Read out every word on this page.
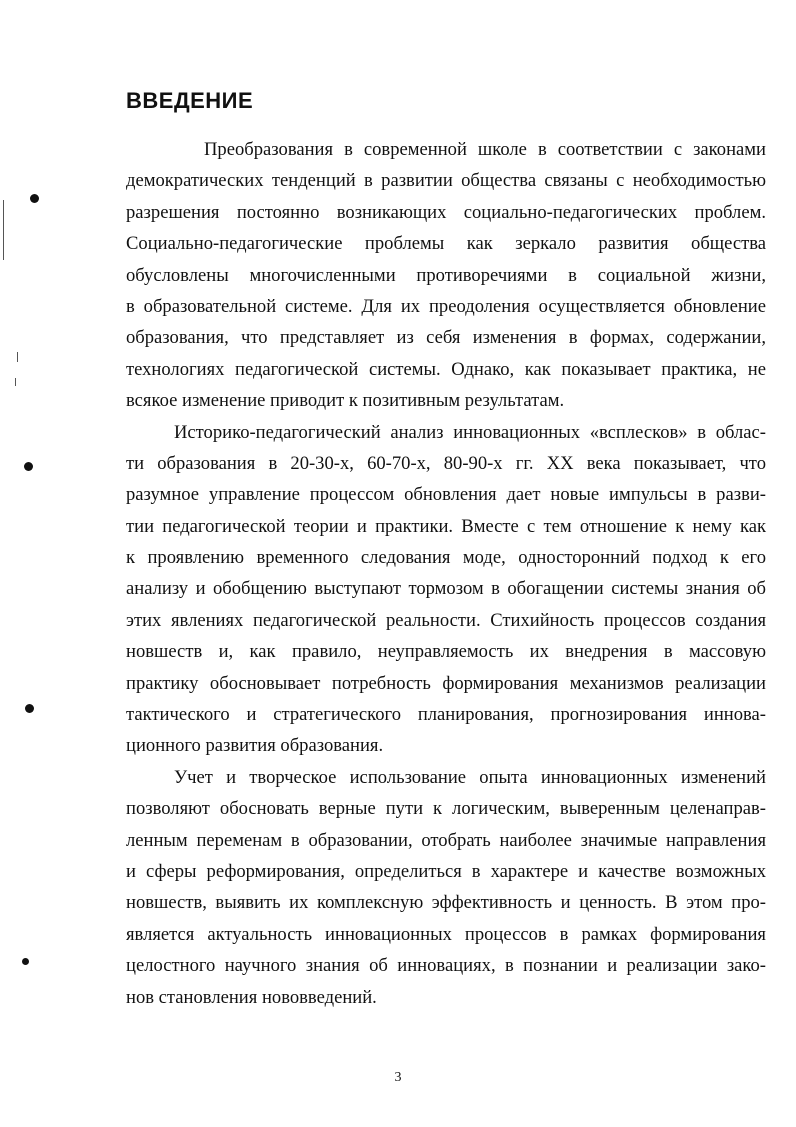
ВВЕДЕНИЕ
Преобразования в современной школе в соответствии с законами
демократических тенденций в развитии общества связаны с необходимостью
разрешения постоянно возникающих социально-педагогических проблем.
Социально-педагогические проблемы как зеркало развития общества
обусловлены многочисленными противоречиями в социальной жизни,
в образовательной системе. Для их преодоления осуществляется обновление
образования, что представляет из себя изменения в формах, содержании,
технологиях педагогической системы. Однако, как показывает практика, не
всякое изменение приводит к позитивным результатам.
Историко-педагогический анализ инновационных «всплесков» в облас-
ти образования в 20-30-х, 60-70-х, 80-90-х гг. XX века показывает, что
разумное управление процессом обновления дает новые импульсы в разви-
тии педагогической теории и практики. Вместе с тем отношение к нему как
к проявлению временного следования моде, односторонний подход к его
анализу и обобщению выступают тормозом в обогащении системы знания об
этих явлениях педагогической реальности. Стихийность процессов создания
новшеств и, как правило, неуправляемость их внедрения в массовую
практику обосновывает потребность формирования механизмов реализации
тактического и стратегического планирования, прогнозирования иннова-
ционного развития образования.
Учет и творческое использование опыта инновационных изменений
позволяют обосновать верные пути к логическим, выверенным целенаправ-
ленным переменам в образовании, отобрать наиболее значимые направления
и сферы реформирования, определиться в характере и качестве возможных
новшеств, выявить их комплексную эффективность и ценность. В этом про-
является актуальность инновационных процессов в рамках формирования
целостного научного знания об инновациях, в познании и реализации зако-
нов становления нововведений.
3
